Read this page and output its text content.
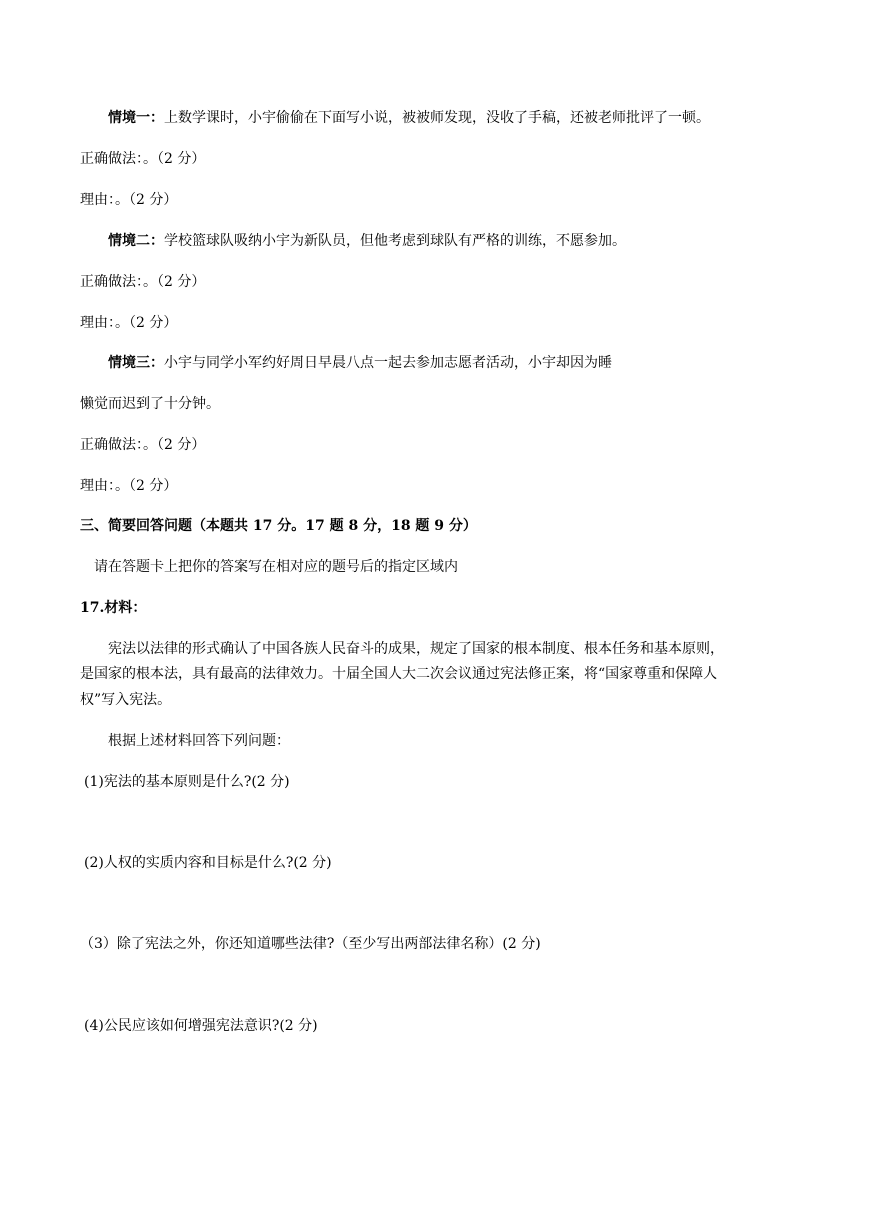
情境一：上数学课时，小宇偷偷在下面写小说，被被师发现，没收了手稿，还被老师批评了一顿。
正确做法：。（2 分）
理由：。（2 分）
情境二：学校篮球队吸纳小宇为新队员，但他考虑到球队有严格的训练，不愿参加。
正确做法：。（2 分）
理由：。（2 分）
情境三：小宇与同学小军约好周日早晨八点一起去参加志愿者活动，小宇却因为睡
懒觉而迟到了十分钟。
正确做法：。（2 分）
理由：。（2 分）
三、简要回答问题（本题共 17 分。17 题 8 分，18 题 9 分）
请在答题卡上把你的答案写在相对应的题号后的指定区域内
17.材料：
宪法以法律的形式确认了中国各族人民奋斗的成果，规定了国家的根本制度、根本任务和基本原则，
是国家的根本法，具有最高的法律效力。十届全国人大二次会议通过宪法修正案，将“国家尊重和保障人
权”写入宪法。
根据上述材料回答下列问题：
(1)宪法的基本原则是什么?(2 分)
(2)人权的实质内容和目标是什么?(2 分)
（3）除了宪法之外，你还知道哪些法律?（至少写出两部法律名称）(2 分)
(4)公民应该如何增强宪法意识?(2 分)
